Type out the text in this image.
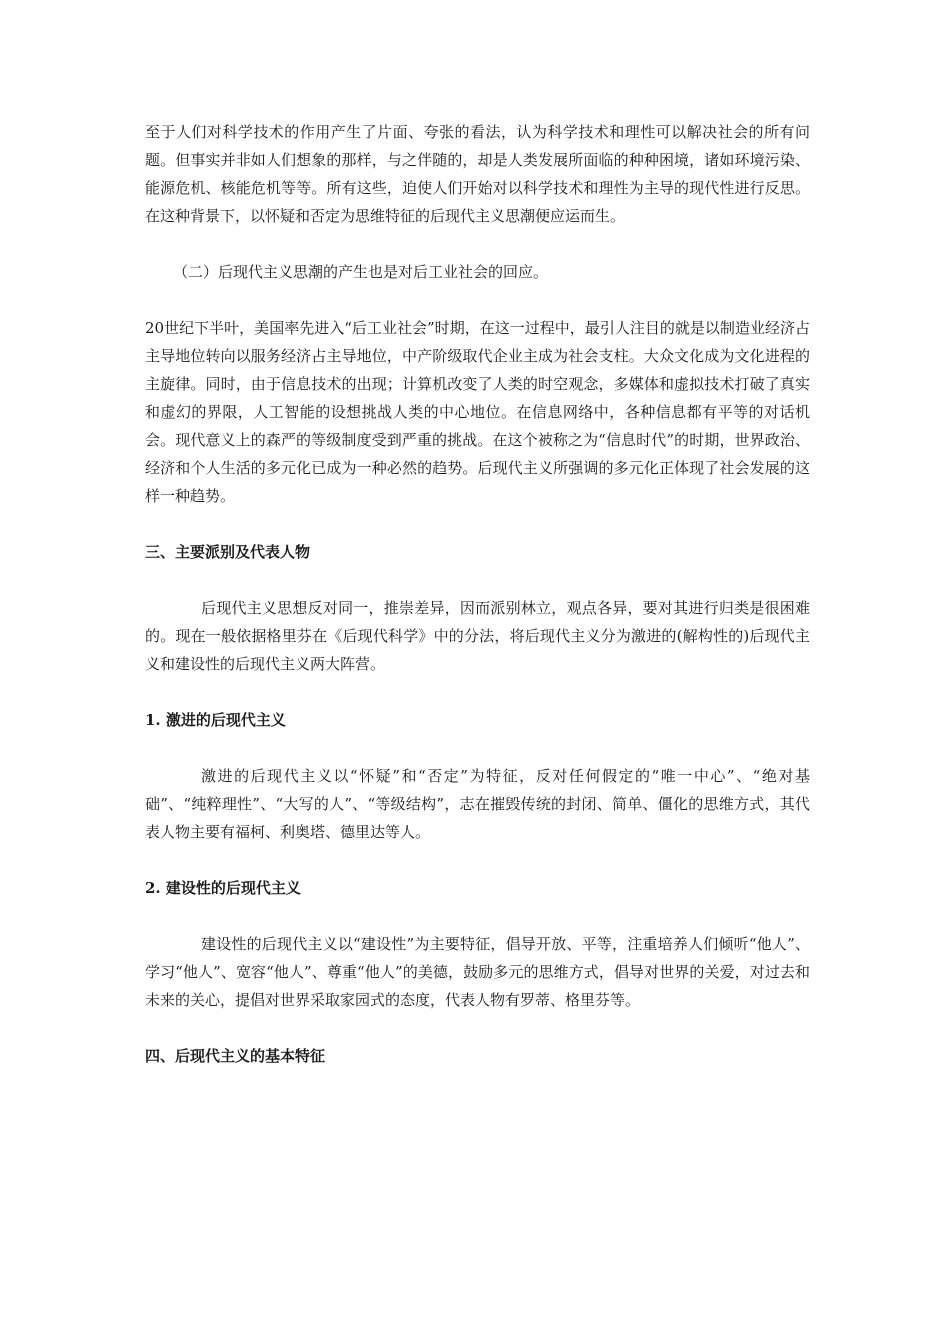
至于人们对科学技术的作用产生了片面、夸张的看法，认为科学技术和理性可以解决社会的所有问题。但事实并非如人们想象的那样，与之伴随的，却是人类发展所面临的种种困境，诸如环境污染、能源危机、核能危机等等。所有这些，迫使人们开始对以科学技术和理性为主导的现代性进行反思。在这种背景下，以怀疑和否定为思维特征的后现代主义思潮便应运而生。

（二）后现代主义思潮的产生也是对后工业社会的回应。

20世纪下半叶，美国率先进入“后工业社会”时期，在这一过程中，最引人注目的就是以制造业经济占主导地位转向以服务经济占主导地位，中产阶级取代企业主成为社会支柱。大众文化成为文化进程的主旋律。同时，由于信息技术的出现；计算机改变了人类的时空观念，多媒体和虚拟技术打破了真实和虚幻的界限，人工智能的设想挑战人类的中心地位。在信息网络中，各种信息都有平等的对话机会。现代意义上的森严的等级制度受到严重的挑战。在这个被称之为“信息时代”的时期，世界政治、经济和个人生活的多元化已成为一种必然的趋势。后现代主义所强调的多元化正体现了社会发展的这样一种趋势。

三、主要派别及代表人物

后现代主义思想反对同一，推崇差异，因而派别林立，观点各异，要对其进行归类是很困难的。现在一般依据格里芬在《后现代科学》中的分法，将后现代主义分为激进的(解构性的)后现代主义和建设性的后现代主义两大阵营。

1. 激进的后现代主义

激进的后现代主义以“怀疑”和“否定”为特征，反对任何假定的“唯一中心”、“绝对基础”、“纯粹理性”、“大写的人”、“等级结构”，志在摧毁传统的封闭、简单、僵化的思维方式，其代表人物主要有福柯、利奥塔、德里达等人。

2. 建设性的后现代主义

建设性的后现代主义以“建设性”为主要特征，倡导开放、平等，注重培养人们倾听“他人”、学习“他人”、宽容“他人”、尊重“他人”的美德，鼓励多元的思维方式，倡导对世界的关爱，对过去和未来的关心，提倡对世界采取家园式的态度，代表人物有罗蒂、格里芬等。

四、后现代主义的基本特征
